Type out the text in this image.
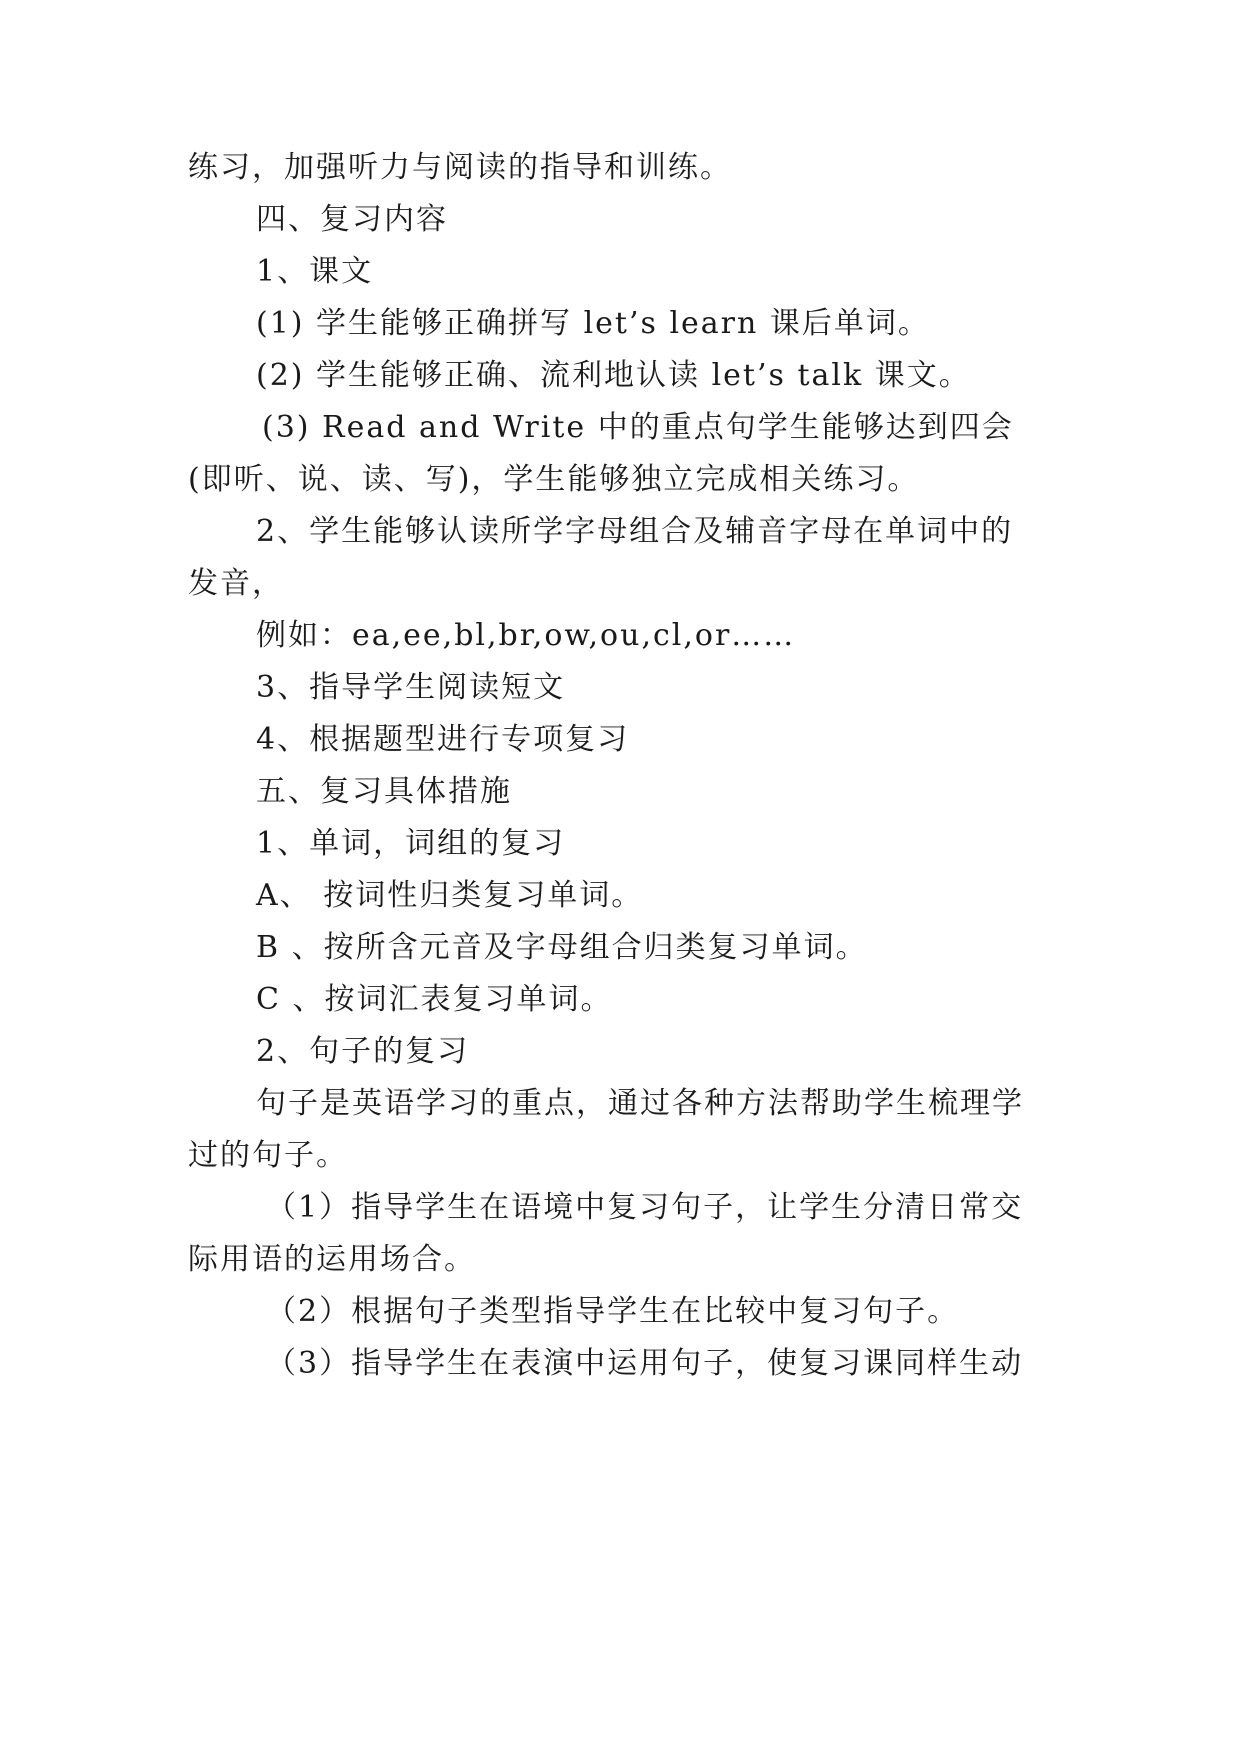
练习，加强听力与阅读的指导和训练。
四、复习内容
1、课文
(1) 学生能够正确拼写 let’s learn 课后单词。
(2) 学生能够正确、流利地认读 let’s talk 课文。
(3) Read and Write 中的重点句学生能够达到四会
(即听、说、读、写)，学生能够独立完成相关练习。
2、学生能够认读所学字母组合及辅音字母在单词中的
发音，
例如：ea,ee,bl,br,ow,ou,cl,or……
3、指导学生阅读短文
4、根据题型进行专项复习
五、复习具体措施
1、单词，词组的复习
A、 按词性归类复习单词。
B 、按所含元音及字母组合归类复习单词。
C 、按词汇表复习单词。
2、句子的复习
句子是英语学习的重点，通过各种方法帮助学生梳理学
过的句子。
（1）指导学生在语境中复习句子，让学生分清日常交
际用语的运用场合。
（2）根据句子类型指导学生在比较中复习句子。
（3）指导学生在表演中运用句子，使复习课同样生动
